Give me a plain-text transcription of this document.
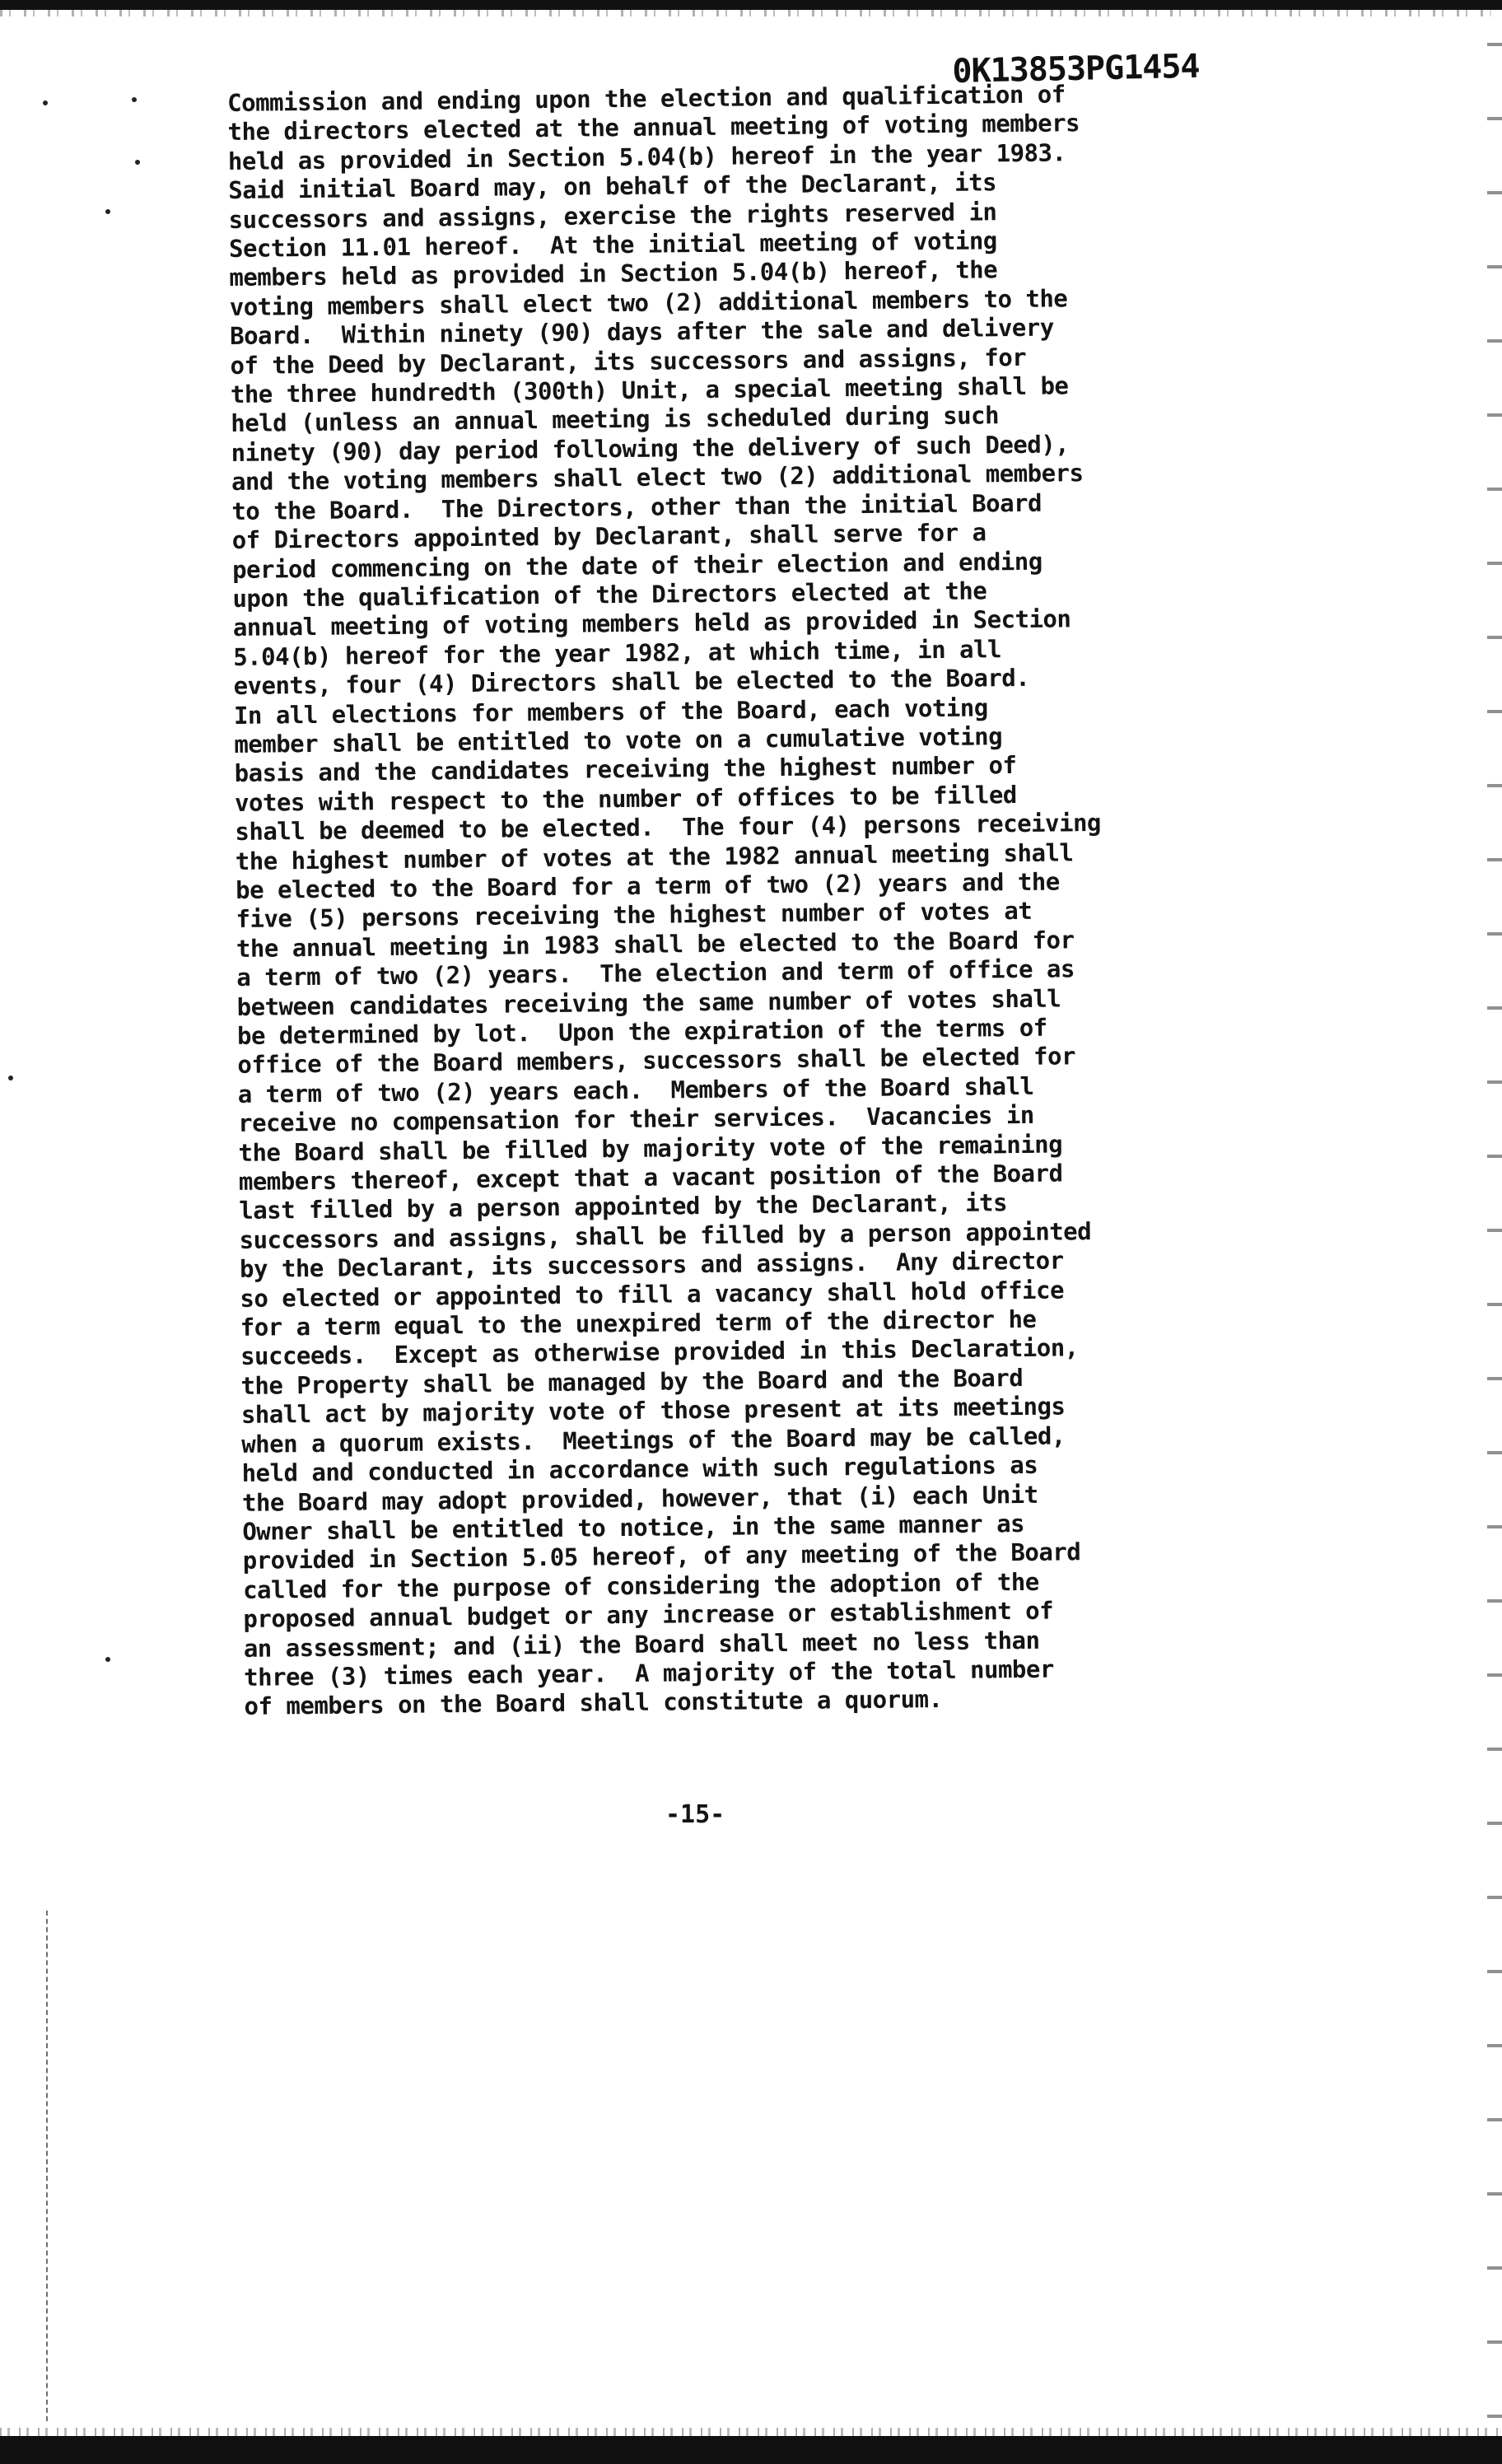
0K13853PG1454
Commission and ending upon the election and qualification of
the directors elected at the annual meeting of voting members
held as provided in Section 5.04(b) hereof in the year 1983.
Said initial Board may, on behalf of the Declarant, its
successors and assigns, exercise the rights reserved in
Section 11.01 hereof.  At the initial meeting of voting
members held as provided in Section 5.04(b) hereof, the
voting members shall elect two (2) additional members to the
Board.  Within ninety (90) days after the sale and delivery
of the Deed by Declarant, its successors and assigns, for
the three hundredth (300th) Unit, a special meeting shall be
held (unless an annual meeting is scheduled during such
ninety (90) day period following the delivery of such Deed),
and the voting members shall elect two (2) additional members
to the Board.  The Directors, other than the initial Board
of Directors appointed by Declarant, shall serve for a
period commencing on the date of their election and ending
upon the qualification of the Directors elected at the
annual meeting of voting members held as provided in Section
5.04(b) hereof for the year 1982, at which time, in all
events, four (4) Directors shall be elected to the Board.
In all elections for members of the Board, each voting
member shall be entitled to vote on a cumulative voting
basis and the candidates receiving the highest number of
votes with respect to the number of offices to be filled
shall be deemed to be elected.  The four (4) persons receiving
the highest number of votes at the 1982 annual meeting shall
be elected to the Board for a term of two (2) years and the
five (5) persons receiving the highest number of votes at
the annual meeting in 1983 shall be elected to the Board for
a term of two (2) years.  The election and term of office as
between candidates receiving the same number of votes shall
be determined by lot.  Upon the expiration of the terms of
office of the Board members, successors shall be elected for
a term of two (2) years each.  Members of the Board shall
receive no compensation for their services.  Vacancies in
the Board shall be filled by majority vote of the remaining
members thereof, except that a vacant position of the Board
last filled by a person appointed by the Declarant, its
successors and assigns, shall be filled by a person appointed
by the Declarant, its successors and assigns.  Any director
so elected or appointed to fill a vacancy shall hold office
for a term equal to the unexpired term of the director he
succeeds.  Except as otherwise provided in this Declaration,
the Property shall be managed by the Board and the Board
shall act by majority vote of those present at its meetings
when a quorum exists.  Meetings of the Board may be called,
held and conducted in accordance with such regulations as
the Board may adopt provided, however, that (i) each Unit
Owner shall be entitled to notice, in the same manner as
provided in Section 5.05 hereof, of any meeting of the Board
called for the purpose of considering the adoption of the
proposed annual budget or any increase or establishment of
an assessment; and (ii) the Board shall meet no less than
three (3) times each year.  A majority of the total number
of members on the Board shall constitute a quorum.
-15-
